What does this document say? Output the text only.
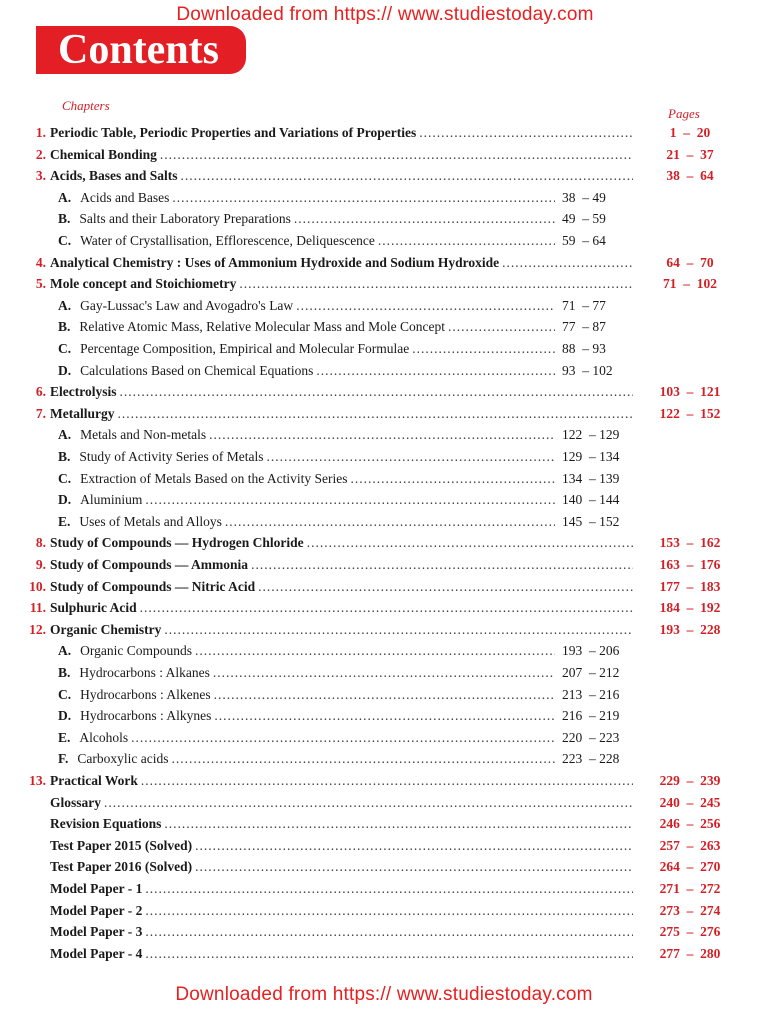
Downloaded from https:// www.studiestoday.com
Contents
Chapters
Pages
1. Periodic Table, Periodic Properties and Variations of Properties .....	1  –  20
2. Chemical Bonding .....	21  –  37
3. Acids, Bases and Salts .....	38  –  64
A. Acids and Bases .....	38  – 49
B. Salts and their Laboratory Preparations .....	49  – 59
C. Water of Crystallisation, Efflorescence, Deliquescence .....	59  – 64
4. Analytical Chemistry : Uses of Ammonium Hydroxide and Sodium Hydroxide .....	64  –  70
5. Mole concept and Stoichiometry .....	71  –  102
A. Gay-Lussac's Law and Avogadro's Law .....	71  – 77
B. Relative Atomic Mass, Relative Molecular Mass and Mole Concept .....	77  – 87
C. Percentage Composition, Empirical and Molecular Formulae .....	88  – 93
D. Calculations Based on Chemical Equations .....	93  – 102
6. Electrolysis .....	103  –  121
7. Metallurgy .....	122  –  152
A. Metals and Non-metals .....	122  – 129
B. Study of Activity Series of Metals .....	129  – 134
C. Extraction of Metals Based on the Activity Series .....	134  – 139
D. Aluminium .....	140  – 144
E. Uses of Metals and Alloys .....	145  – 152
8. Study of Compounds — Hydrogen Chloride .....	153  –  162
9. Study of Compounds — Ammonia .....	163  –  176
10. Study of Compounds — Nitric Acid .....	177  –  183
11. Sulphuric Acid .....	184  –  192
12. Organic Chemistry .....	193  –  228
A. Organic Compounds .....	193  – 206
B. Hydrocarbons : Alkanes .....	207  – 212
C. Hydrocarbons : Alkenes .....	213  – 216
D. Hydrocarbons : Alkynes .....	216  – 219
E. Alcohols .....	220  – 223
F. Carboxylic acids .....	223  – 228
13. Practical Work .....	229  –  239
Glossary .....	240  –  245
Revision Equations .....	246  –  256
Test Paper 2015 (Solved) .....	257  –  263
Test Paper 2016 (Solved) .....	264  –  270
Model Paper - 1 .....	271  –  272
Model Paper - 2 .....	273  –  274
Model Paper - 3 .....	275  –  276
Model Paper - 4 .....	277  –  280
Downloaded from https:// www.studiestoday.com
